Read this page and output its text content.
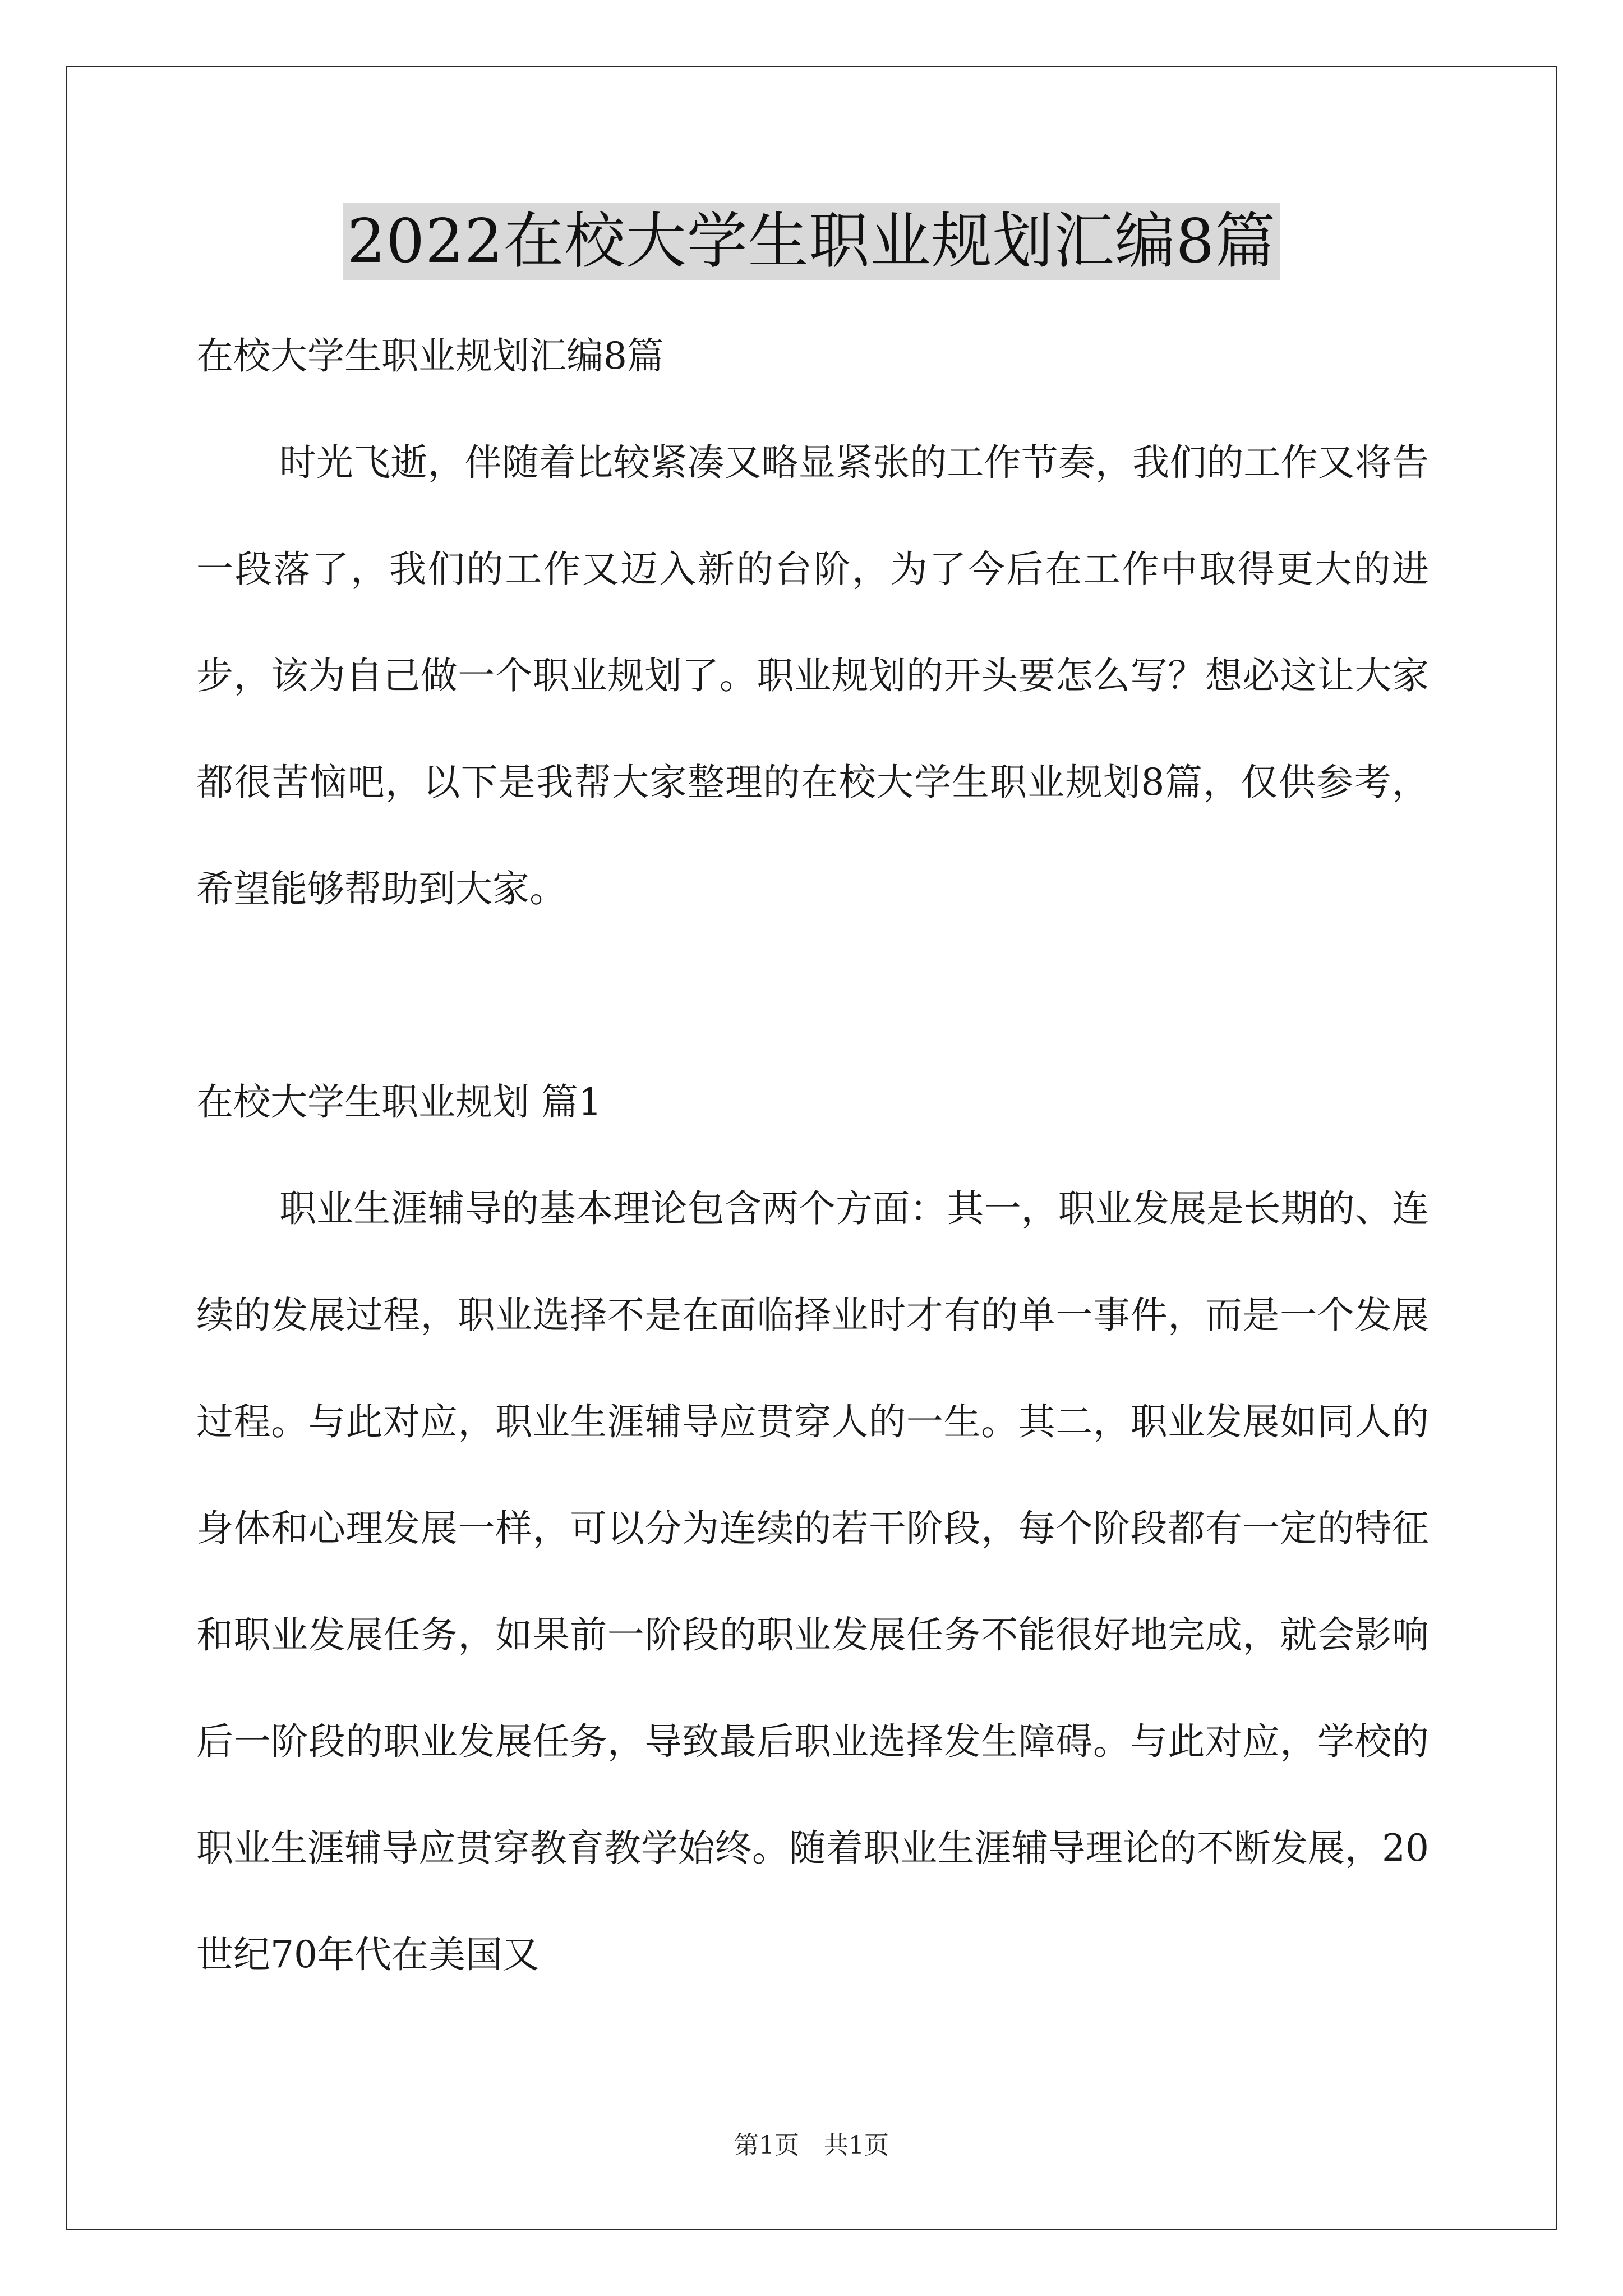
2022在校大学生职业规划汇编8篇

在校大学生职业规划汇编8篇

时光飞逝，伴随着比较紧凑又略显紧张的工作节奏，我们的工作又将告一段落了，我们的工作又迈入新的台阶，为了今后在工作中取得更大的进步，该为自己做一个职业规划了。职业规划的开头要怎么写？想必这让大家都很苦恼吧，以下是我帮大家整理的在校大学生职业规划8篇，仅供参考，希望能够帮助到大家。

在校大学生职业规划 篇1

职业生涯辅导的基本理论包含两个方面：其一，职业发展是长期的、连续的发展过程，职业选择不是在面临择业时才有的单一事件，而是一个发展过程。与此对应，职业生涯辅导应贯穿人的一生。其二，职业发展如同人的身体和心理发展一样，可以分为连续的若干阶段，每个阶段都有一定的特征和职业发展任务，如果前一阶段的职业发展任务不能很好地完成，就会影响后一阶段的职业发展任务，导致最后职业选择发生障碍。与此对应，学校的职业生涯辅导应贯穿教育教学始终。随着职业生涯辅导理论的不断发展，20世纪70年代在美国又

第1页　共1页
